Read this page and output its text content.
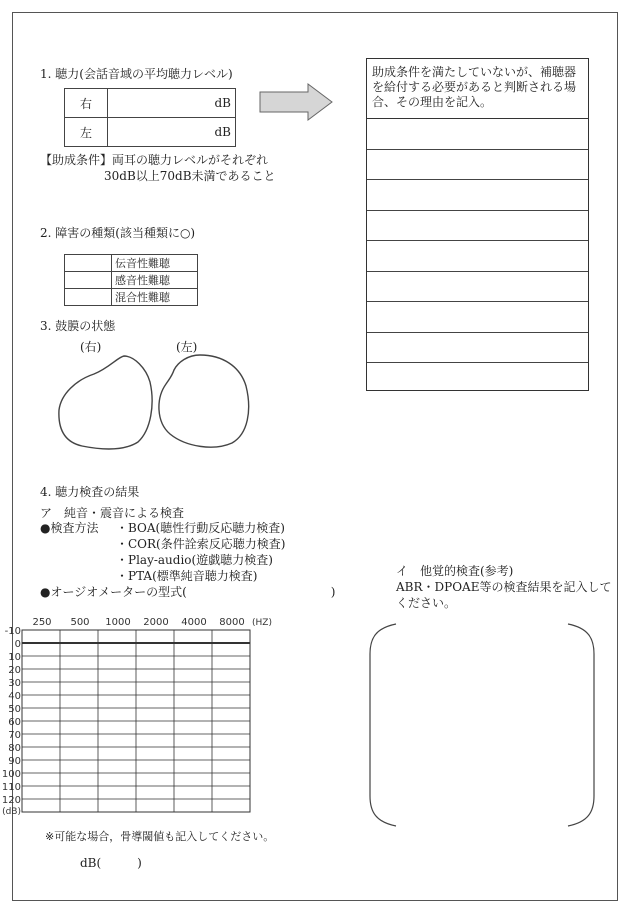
1. 聴力(会話音域の平均聴力レベル)
右	dB
左	dB
【助成条件】両耳の聴力レベルがそれぞれ
30dB以上70dB未満であること
助成条件を満たしていないが、補聴器を給付する必要があると判断される場合、その理由を記入。
2. 障害の種類(該当種類に○)
	伝音性難聴
	感音性難聴
	混合性難聴
3. 鼓膜の状態
(右)	(左)
4. 聴力検査の結果
ア　純音・震音による検査
●検査方法 ・BOA(聴性行動反応聴力検査)
・COR(条件詮索反応聴力検査)
・Play-audio(遊戯聴力検査)
・PTA(標準純音聴力検査)
●オージオメーターの型式(　　　　　　　　　　　　)
250 500 1000 2000 4000 8000 (HZ)
-10
0
10
20
30
40
50
60
70
80
90
100
110
120
(dB)
※可能な場合，骨導閾値も記入してください。
dB(　　　)
イ　他覚的検査(参考)
ABR・DPOAE等の検査結果を記入して
ください。
